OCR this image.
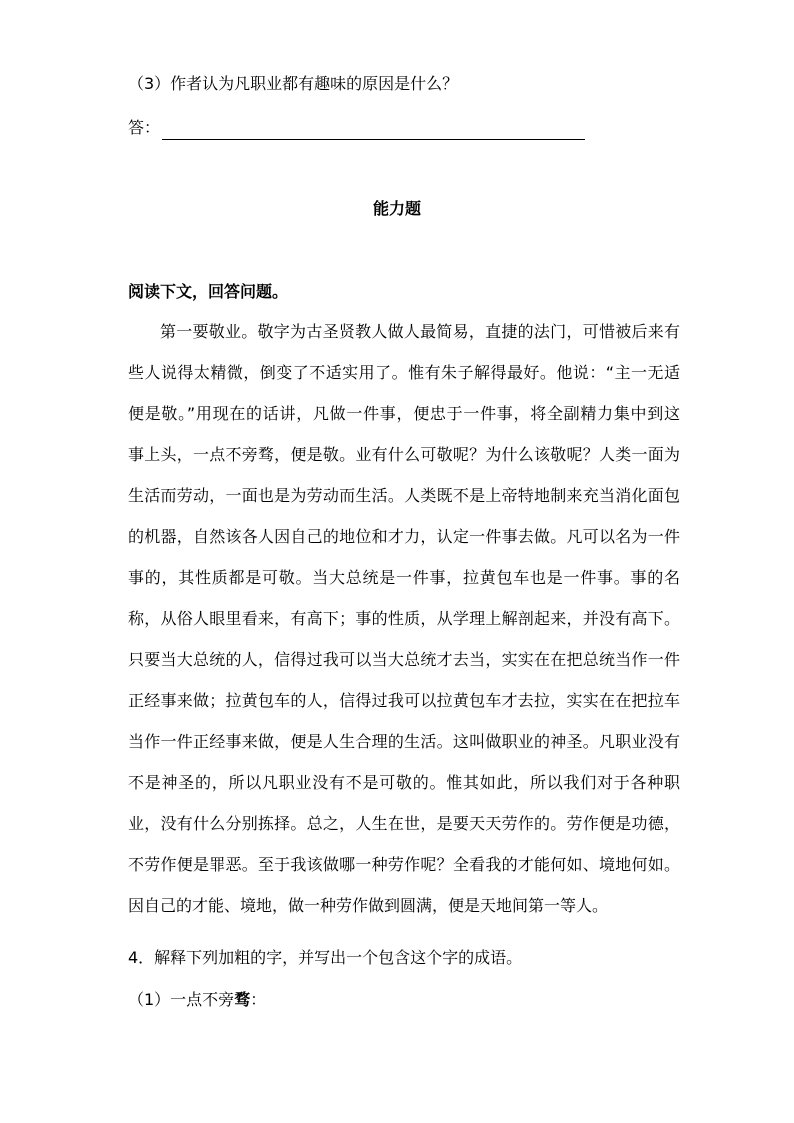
（3）作者认为凡职业都有趣味的原因是什么？
答：
能力题
阅读下文，回答问题。
第一要敬业。敬字为古圣贤教人做人最简易，直捷的法门，可惜被后来有
些人说得太精微，倒变了不适实用了。惟有朱子解得最好。他说：“主一无适
便是敬。”用现在的话讲，凡做一件事，便忠于一件事，将全副精力集中到这
事上头，一点不旁骛，便是敬。业有什么可敬呢？为什么该敬呢？人类一面为
生活而劳动，一面也是为劳动而生活。人类既不是上帝特地制来充当消化面包
的机器，自然该各人因自己的地位和才力，认定一件事去做。凡可以名为一件
事的，其性质都是可敬。当大总统是一件事，拉黄包车也是一件事。事的名
称，从俗人眼里看来，有高下；事的性质，从学理上解剖起来，并没有高下。
只要当大总统的人，信得过我可以当大总统才去当，实实在在把总统当作一件
正经事来做；拉黄包车的人，信得过我可以拉黄包车才去拉，实实在在把拉车
当作一件正经事来做，便是人生合理的生活。这叫做职业的神圣。凡职业没有
不是神圣的，所以凡职业没有不是可敬的。惟其如此，所以我们对于各种职
业，没有什么分别拣择。总之，人生在世，是要天天劳作的。劳作便是功德，
不劳作便是罪恶。至于我该做哪一种劳作呢？全看我的才能何如、境地何如。
因自己的才能、境地，做一种劳作做到圆满，便是天地间第一等人。
4．解释下列加粗的字，并写出一个包含这个字的成语。
（1）一点不旁骛：
